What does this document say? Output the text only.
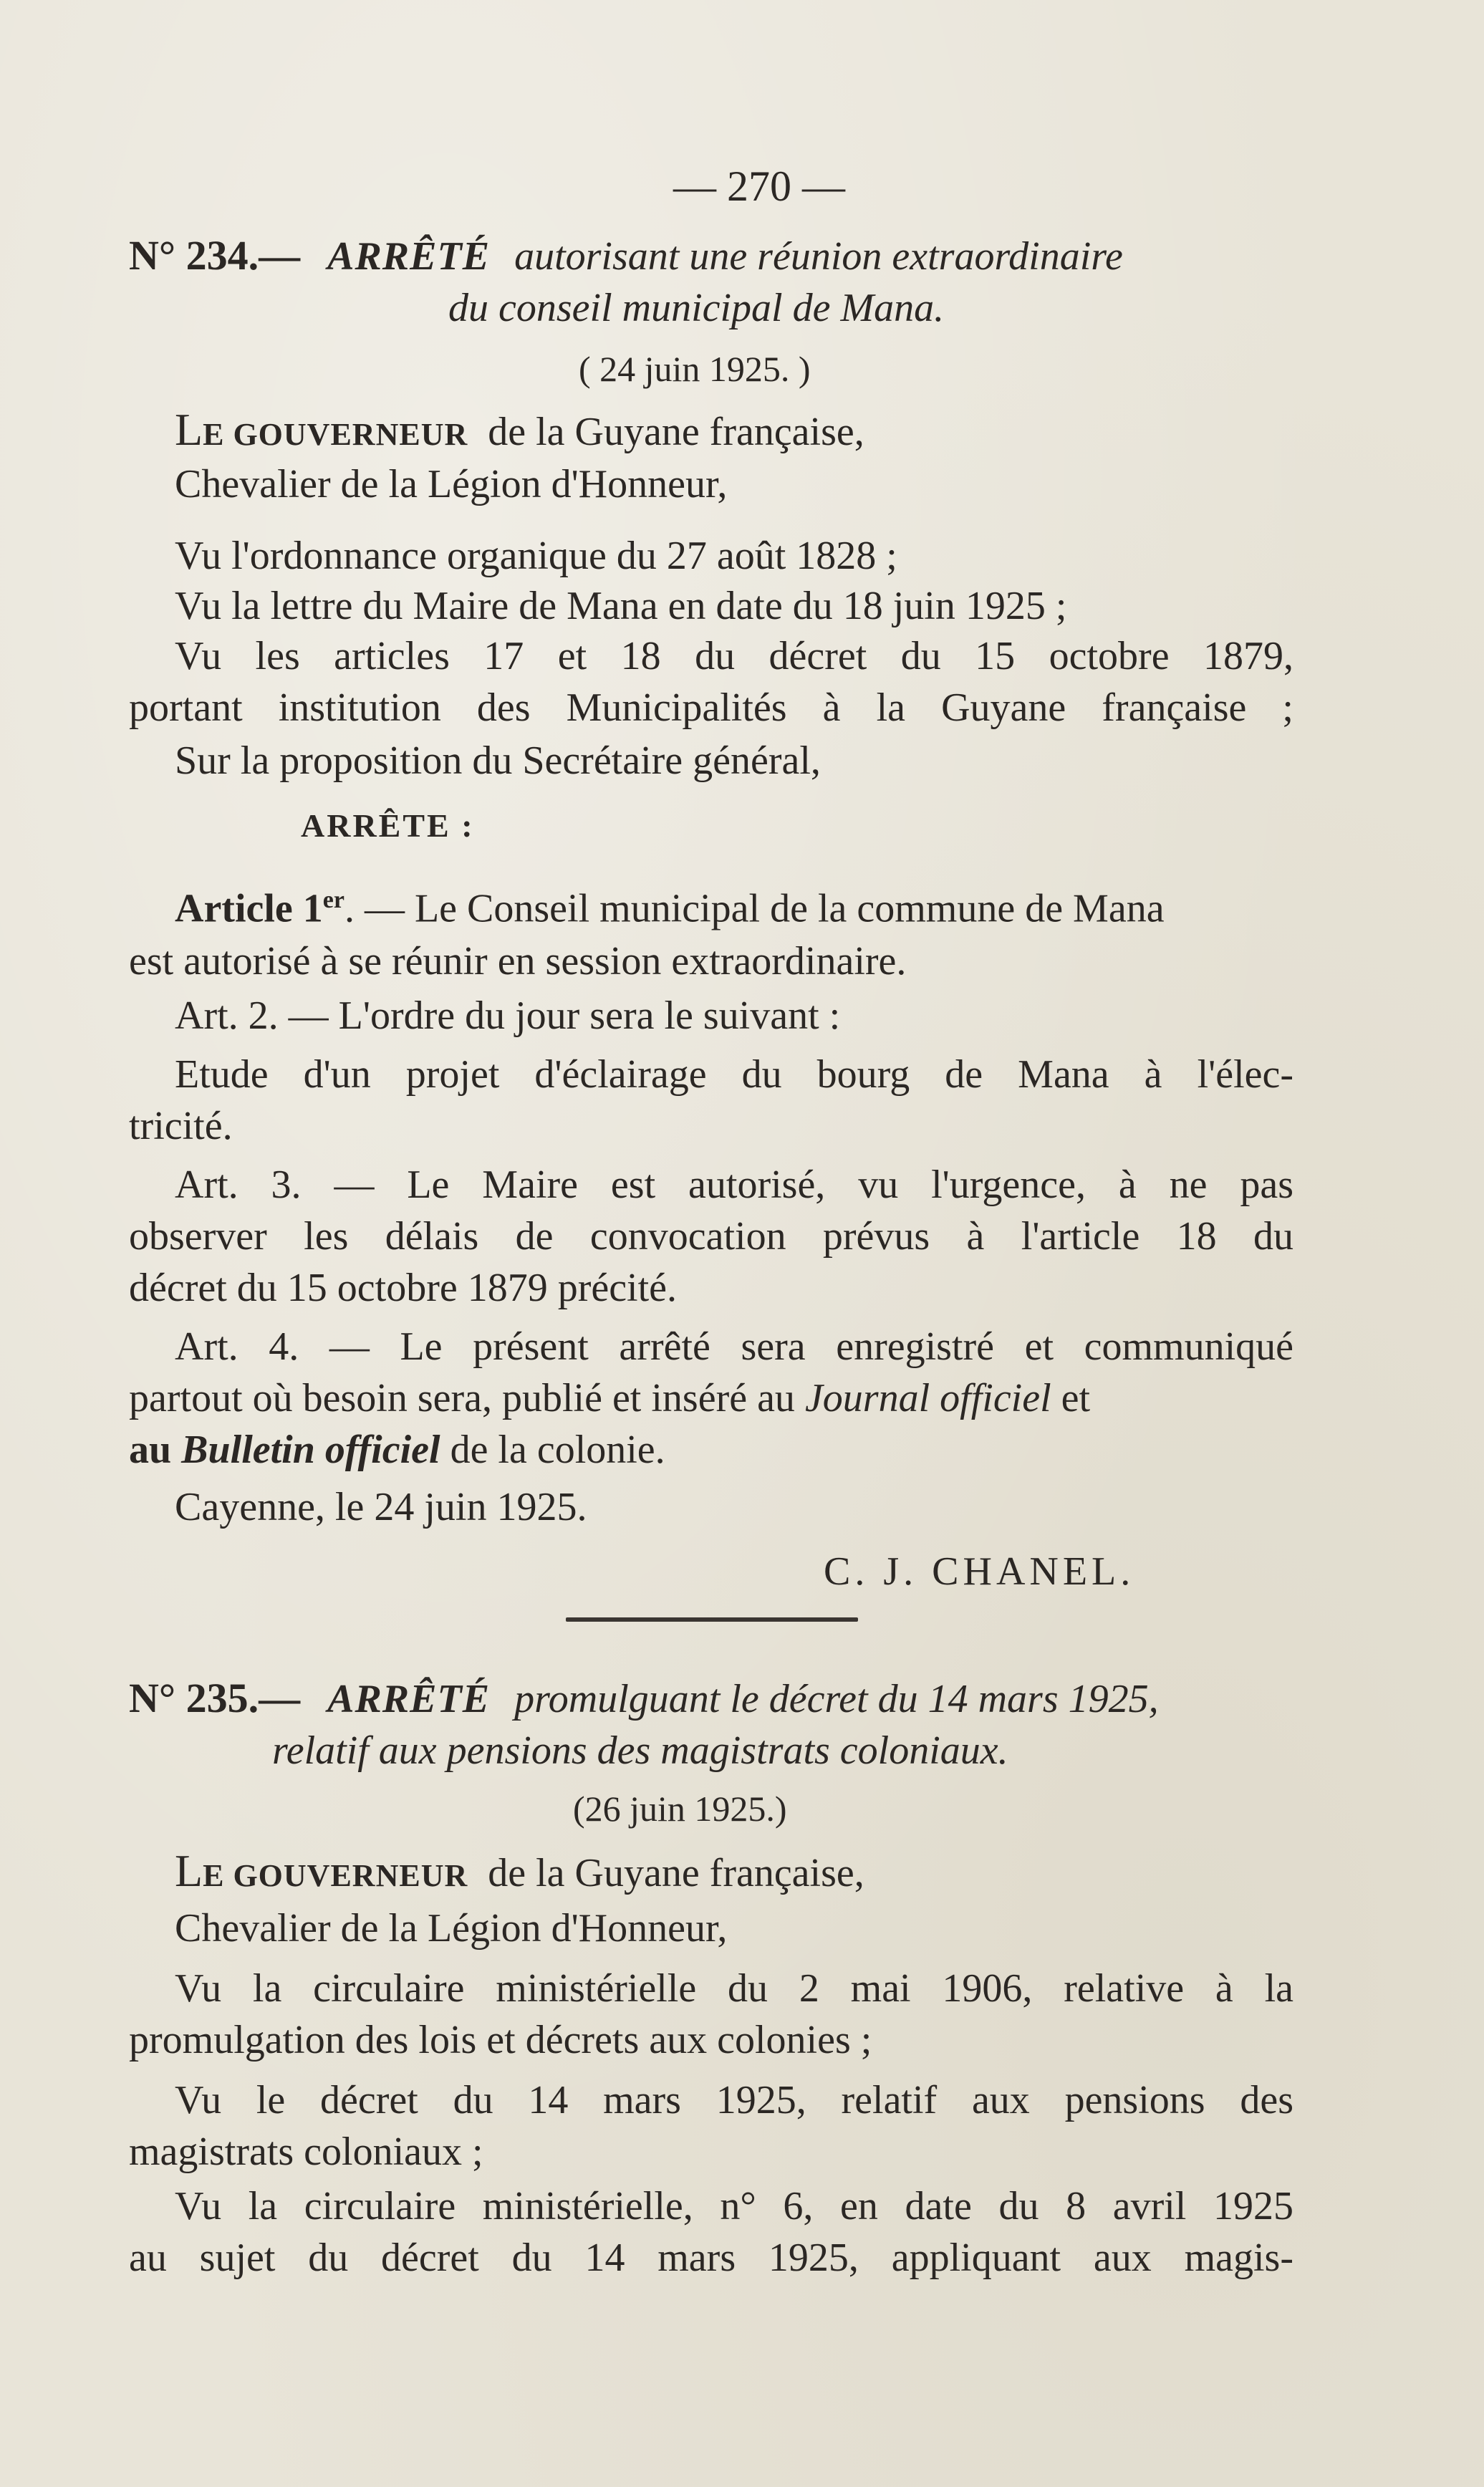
— 270 —
N° 234.— ARRÊTÉ autorisant une réunion extraordinaire
du conseil municipal de Mana.
( 24 juin 1925. )
LE GOUVERNEUR de la Guyane française,
Chevalier de la Légion d'Honneur,
Vu l'ordonnance organique du 27 août 1828 ;
Vu la lettre du Maire de Mana en date du 18 juin 1925 ;
Vu les articles 17 et 18 du décret du 15 octobre 1879,
portant institution des Municipalités à la Guyane française ;
Sur la proposition du Secrétaire général,
ARRÊTE :
Article 1er. — Le Conseil municipal de la commune de Mana
est autorisé à se réunir en session extraordinaire.
Art. 2. — L'ordre du jour sera le suivant :
Etude d'un projet d'éclairage du bourg de Mana à l'élec-
tricité.
Art. 3. — Le Maire est autorisé, vu l'urgence, à ne pas
observer les délais de convocation prévus à l'article 18 du
décret du 15 octobre 1879 précité.
Art. 4. — Le présent arrêté sera enregistré et communiqué
partout où besoin sera, publié et inséré au Journal officiel et
au Bulletin officiel de la colonie.
Cayenne, le 24 juin 1925.
C. J. CHANEL.
N° 235.— ARRÊTÉ promulguant le décret du 14 mars 1925,
relatif aux pensions des magistrats coloniaux.
(26 juin 1925.)
LE GOUVERNEUR de la Guyane française,
Chevalier de la Légion d'Honneur,
Vu la circulaire ministérielle du 2 mai 1906, relative à la
promulgation des lois et décrets aux colonies ;
Vu le décret du 14 mars 1925, relatif aux pensions des
magistrats coloniaux ;
Vu la circulaire ministérielle, n° 6, en date du 8 avril 1925
au sujet du décret du 14 mars 1925, appliquant aux magis-
